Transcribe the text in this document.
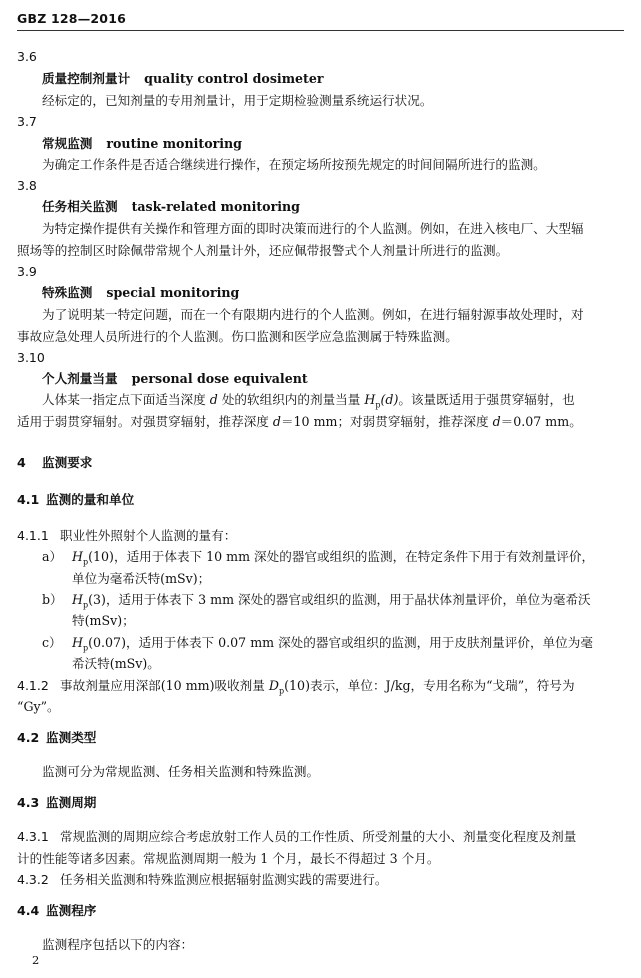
GBZ 128—2016
3.6
质量控制剂量计 quality control dosimeter
经标定的，已知剂量的专用剂量计，用于定期检验测量系统运行状况。
3.7
常规监测 routine monitoring
为确定工作条件是否适合继续进行操作，在预定场所按预先规定的时间间隔所进行的监测。
3.8
任务相关监测 task-related monitoring
为特定操作提供有关操作和管理方面的即时决策而进行的个人监测。例如，在进入核电厂、大型辐
照场等的控制区时除佩带常规个人剂量计外，还应佩带报警式个人剂量计所进行的监测。
3.9
特殊监测 special monitoring
为了说明某一特定问题，而在一个有限期内进行的个人监测。例如，在进行辐射源事故处理时，对
事故应急处理人员所进行的个人监测。伤口监测和医学应急监测属于特殊监测。
3.10
个人剂量当量 personal dose equivalent
人体某一指定点下面适当深度 d 处的软组织内的剂量当量 $H_p(d)$。该量既适用于强贯穿辐射，也
适用于弱贯穿辐射。对强贯穿辐射，推荐深度 d＝10 mm；对弱贯穿辐射，推荐深度 d＝0.07 mm。
4 监测要求
4.1 监测的量和单位
4.1.1 职业性外照射个人监测的量有：
a） $H_p(10)$，适用于体表下 10 mm 深处的器官或组织的监测，在特定条件下用于有效剂量评价，
单位为毫希沃特(mSv)；
b） $H_p(3)$，适用于体表下 3 mm 深处的器官或组织的监测，用于晶状体剂量评价，单位为毫希沃
特(mSv)；
c） $H_p(0.07)$，适用于体表下 0.07 mm 深处的器官或组织的监测，用于皮肤剂量评价，单位为毫
希沃特(mSv)。
4.1.2 事故剂量应用深部(10 mm)吸收剂量 $D_p(10)$表示，单位：J/kg，专用名称为“戈瑞”，符号为
“Gy”。
4.2 监测类型
监测可分为常规监测、任务相关监测和特殊监测。
4.3 监测周期
4.3.1 常规监测的周期应综合考虑放射工作人员的工作性质、所受剂量的大小、剂量变化程度及剂量
计的性能等诸多因素。常规监测周期一般为 1 个月，最长不得超过 3 个月。
4.3.2 任务相关监测和特殊监测应根据辐射监测实践的需要进行。
4.4 监测程序
监测程序包括以下的内容：
2
